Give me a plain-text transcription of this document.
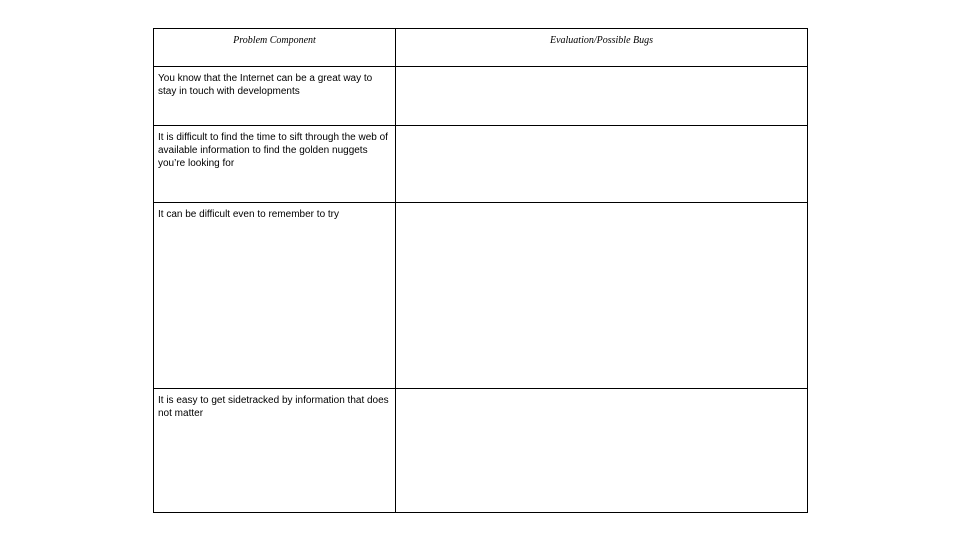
Problem Component	Evaluation/Possible Bugs

You know that the Internet can be a great way to stay in touch with developments	

It is difficult to find the time to sift through the web of available information to find the golden nuggets you’re looking for	

It can be difficult even to remember to try	

It is easy to get sidetracked by information that does not matter	
